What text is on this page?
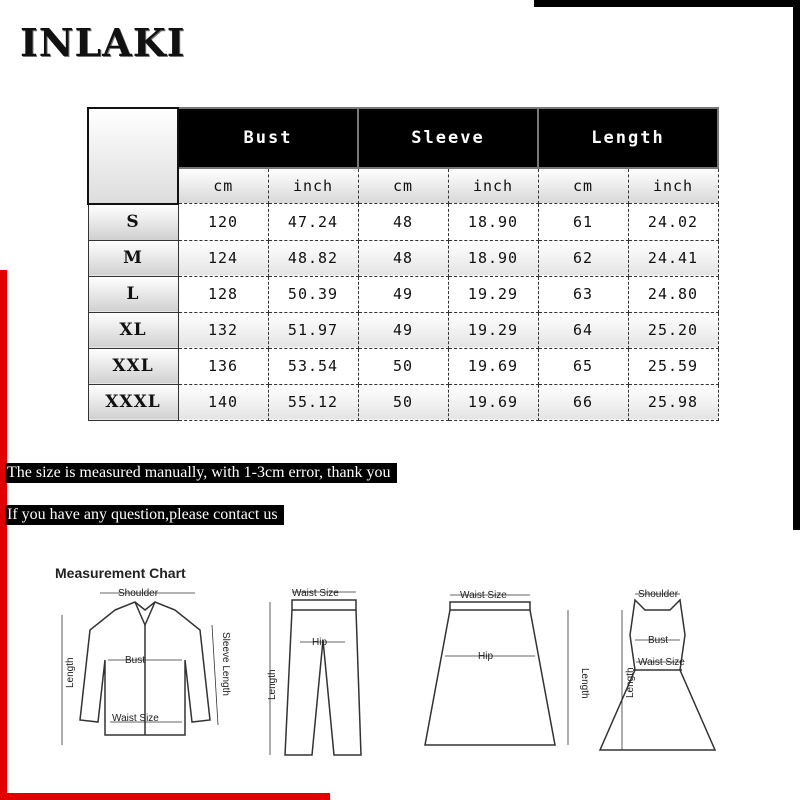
INLAKI
	Bust		Sleeve		Length	
	cm	inch	cm	inch	cm	inch
S	120	47.24	48	18.90	61	24.02
M	124	48.82	48	18.90	62	24.41
L	128	50.39	49	19.29	63	24.80
XL	132	51.97	49	19.29	64	25.20
XXL	136	53.54	50	19.69	65	25.59
XXXL	140	55.12	50	19.69	66	25.98
The size is measured manually, with 1-3cm error, thank you
If you have any question,please contact us
Measurement Chart
Shoulder
Bust
Length	Sleeve Length
Waist Size
Waist Size
Hip
Length
Waist Size
Hip
Length
Shoulder
Bust
Waist Size
Length
